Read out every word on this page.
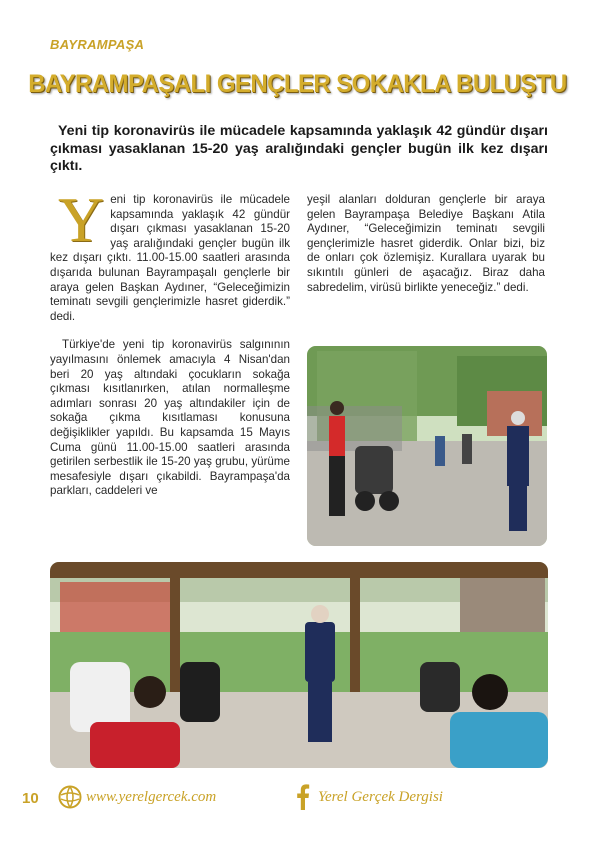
BAYRAMPAŞA
BAYRAMPAŞALI GENÇLER SOKAKLA BULUŞTU

Yeni tip koronavirüs ile mücadele kapsamında yaklaşık 42 gündür dışarı çıkması yasaklanan 15-20 yaş aralığındaki gençler bugün ilk kez dışarı çıktı.

Yeni tip koronavirüs ile mücadele kapsamında yaklaşık 42 gündür dışarı çıkması yasaklanan 15-20 yaş aralığındaki gençler bugün ilk kez dışarı çıktı. 11.00-15.00 saatleri arasında dışarıda bulunan Bayrampaşalı gençlerle bir araya gelen Başkan Aydıner, “Geleceğimizin teminatı sevgili gençlerimizle hasret giderdik.” dedi.

Türkiye'de yeni tip koronavirüs salgınının yayılmasını önlemek amacıyla 4 Nisan'dan beri 20 yaş altındaki çocukların sokağa çıkması kısıtlanırken, atılan normalleşme adımları sonrası 20 yaş altındakiler için de sokağa çıkma kısıtlaması konusuna değişiklikler yapıldı. Bu kapsamda 15 Mayıs Cuma günü 11.00-15.00 saatleri arasında getirilen serbestlik ile 15-20 yaş grubu, yürüme mesafesiyle dışarı çıkabildi. Bayrampaşa'da parkları, caddeleri ve

yeşil alanları dolduran gençlerle bir araya gelen Bayrampaşa Belediye Başkanı Atila Aydıner, “Geleceğimizin teminatı sevgili gençlerimizle hasret giderdik. Onlar bizi, biz de onları çok özlemişiz. Kurallara uyarak bu sıkıntılı günleri de aşacağız. Biraz daha sabredelim, virüsü birlikte yeneceğiz.” dedi.

10	www.yerelgercek.com	Yerel Gerçek Dergisi
